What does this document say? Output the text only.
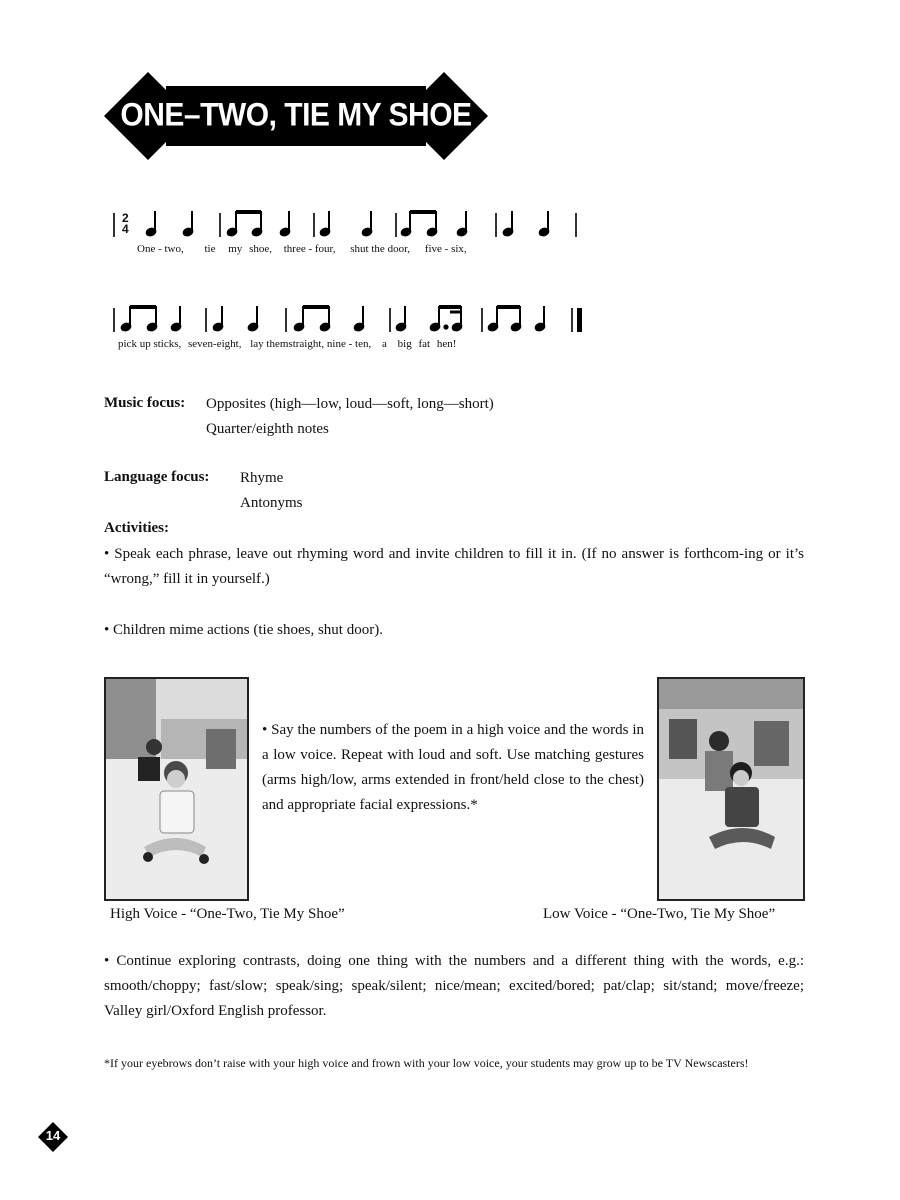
ONE–TWO, TIE MY SHOE
2
4
One - two, tie my shoe, three - four, shut the door, five - six,
pick up sticks, seven-eight, lay themstraight, nine - ten, a big fat hen!
Music focus: Opposites (high—low, loud—soft, long—short)
Quarter/eighth notes
Language focus: Rhyme
Antonyms
Activities:
• Speak each phrase, leave out rhyming word and invite children to fill it in. (If no answer is forthcom-ing or it’s “wrong,” fill it in yourself.)
• Children mime actions (tie shoes, shut door).
• Say the numbers of the poem in a high voice and the words in a low voice. Repeat with loud and soft. Use matching gestures (arms high/low, arms extended in front/held close to the chest) and appropriate facial expressions.*
High Voice - “One-Two, Tie My Shoe”	Low Voice - “One-Two, Tie My Shoe”
• Continue exploring contrasts, doing one thing with the numbers and a different thing with the words, e.g.: smooth/choppy; fast/slow; speak/sing; speak/silent; nice/mean; excited/bored; pat/clap; sit/stand; move/freeze; Valley girl/Oxford English professor.
*If your eyebrows don’t raise with your high voice and frown with your low voice, your students may grow up to be TV Newscasters!
14
